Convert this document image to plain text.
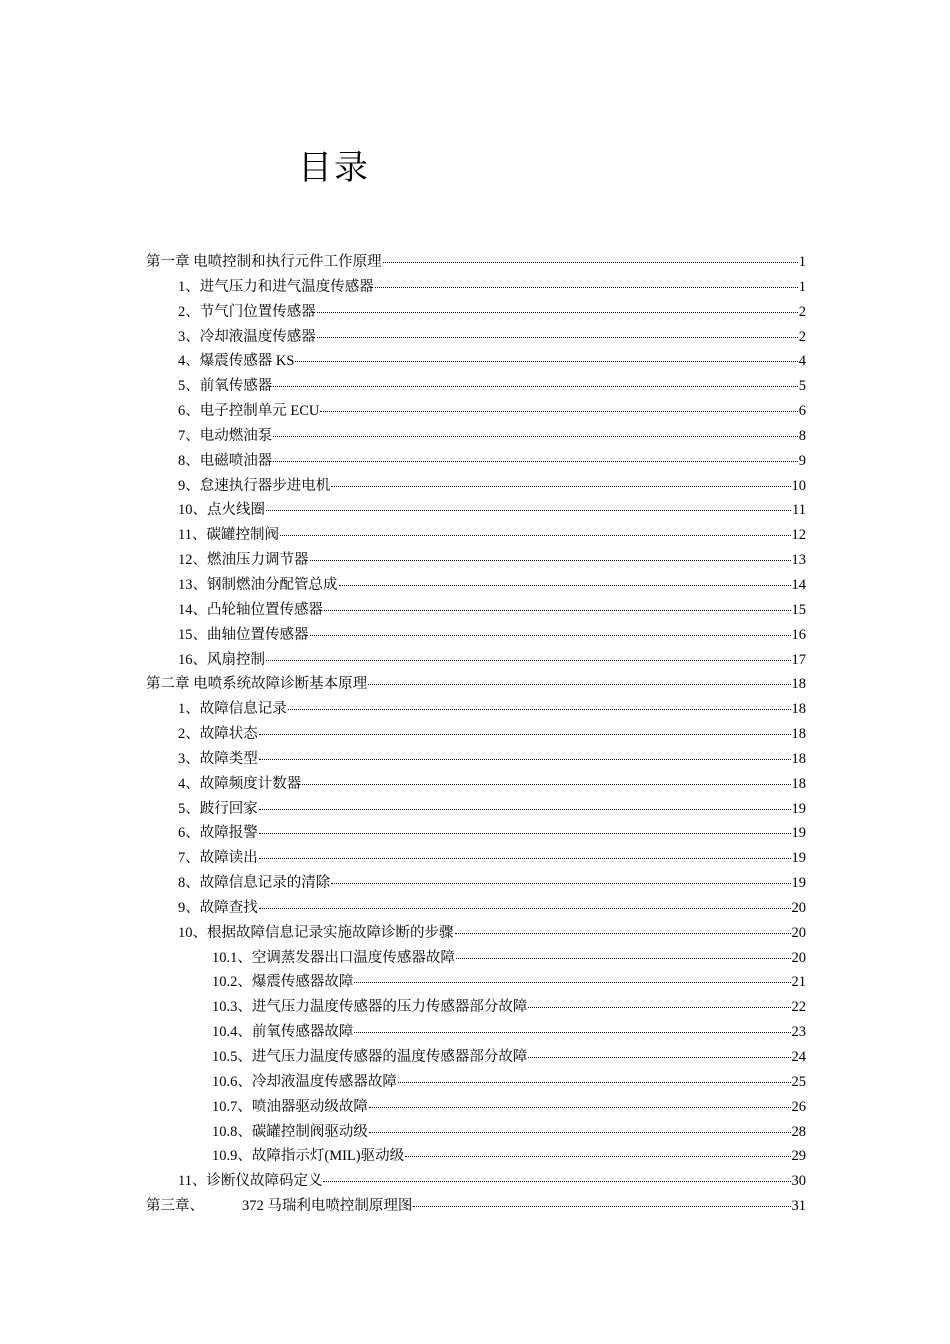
目录
第一章 电喷控制和执行元件工作原理	1
1、进气压力和进气温度传感器	1
2、节气门位置传感器	2
3、冷却液温度传感器	2
4、爆震传感器 KS	4
5、前氧传感器	5
6、电子控制单元 ECU	6
7、电动燃油泵	8
8、电磁喷油器	9
9、怠速执行器步进电机	10
10、点火线圈	11
11、碳罐控制阀	12
12、燃油压力调节器	13
13、钢制燃油分配管总成	14
14、凸轮轴位置传感器	15
15、曲轴位置传感器	16
16、风扇控制	17
第二章 电喷系统故障诊断基本原理	18
1、故障信息记录	18
2、故障状态	18
3、故障类型	18
4、故障频度计数器	18
5、跛行回家	19
6、故障报警	19
7、故障读出	19
8、故障信息记录的清除	19
9、故障查找	20
10、根据故障信息记录实施故障诊断的步骤	20
10.1、空调蒸发器出口温度传感器故障	20
10.2、爆震传感器故障	21
10.3、进气压力温度传感器的压力传感器部分故障	22
10.4、前氧传感器故障	23
10.5、进气压力温度传感器的温度传感器部分故障	24
10.6、冷却液温度传感器故障	25
10.7、喷油器驱动级故障	26
10.8、碳罐控制阀驱动级	28
10.9、故障指示灯(MIL)驱动级	29
11、诊断仪故障码定义	30
第三章、	372 马瑞利电喷控制原理图	31
